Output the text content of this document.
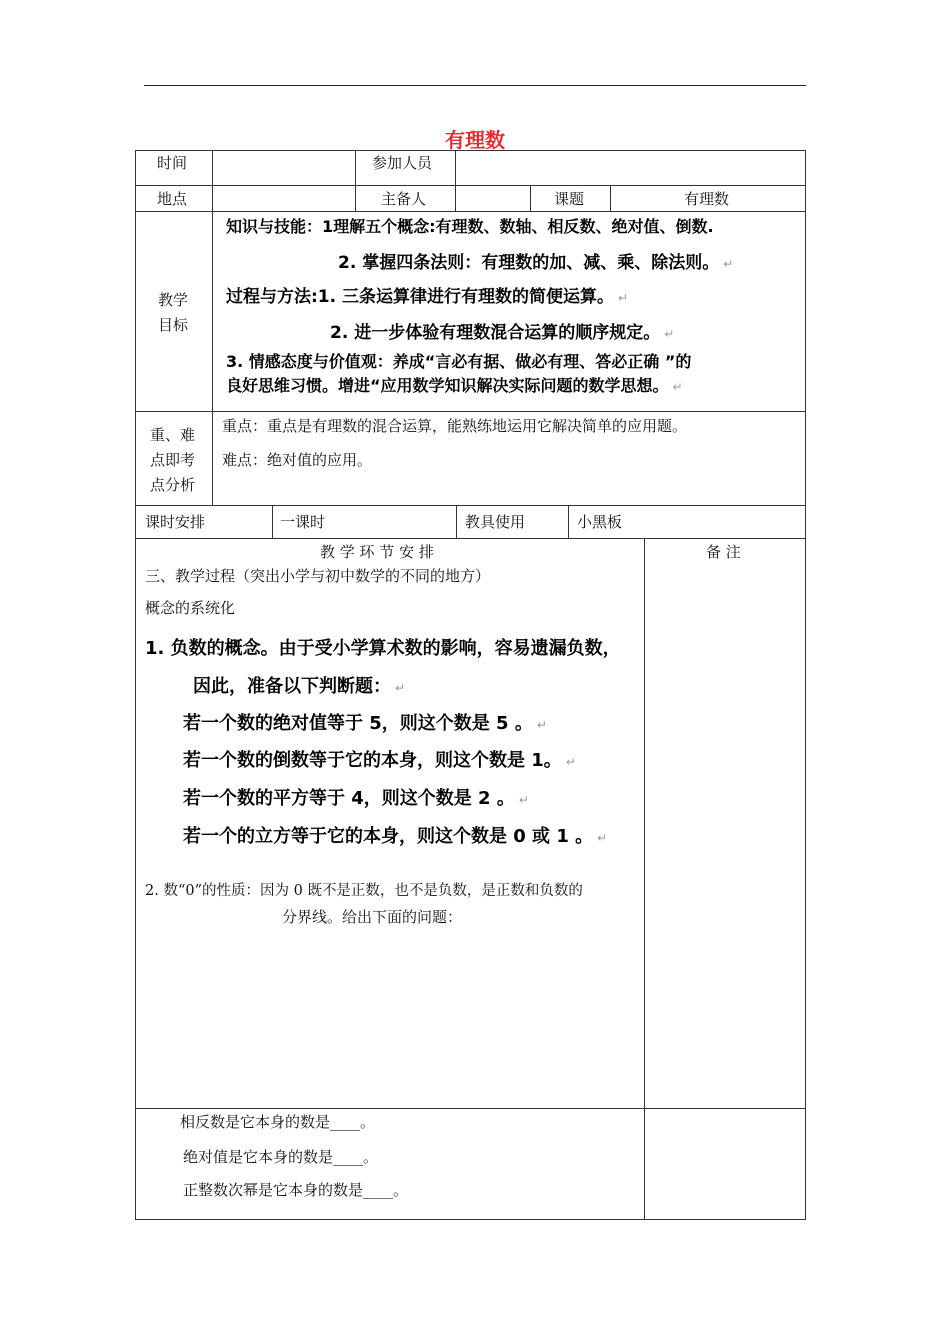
有理数
时间	参加人员
地点	主备人	课题	有理数
教学
目标
知识与技能：1理解五个概念:有理数、数轴、相反数、绝对值、倒数.
2. 掌握四条法则：有理数的加、减、乘、除法则。 ↵
过程与方法:1. 三条运算律进行有理数的简便运算。 ↵
2. 进一步体验有理数混合运算的顺序规定。 ↵
3. 情感态度与价值观：养成“言必有据、做必有理、答必正确 ”的
良好思维习惯。增进“应用数学知识解决实际问题的数学思想。 ↵
重、难
点即考
点分析
重点：重点是有理数的混合运算，能熟练地运用它解决简单的应用题。
难点：绝对值的应用。
课时安排	一课时	教具使用	小黑板
教 学 环 节 安 排	备 注
三、教学过程（突出小学与初中数学的不同的地方）
概念的系统化
1. 负数的概念。由于受小学算术数的影响，容易遗漏负数，
因此，准备以下判断题： ↵
若一个数的绝对值等于 5，则这个数是 5 。 ↵
若一个数的倒数等于它的本身，则这个数是 1。 ↵
若一个数的平方等于 4，则这个数是 2 。 ↵
若一个的立方等于它的本身，则这个数是 0 或 1 。 ↵
2. 数“0”的性质：因为 0 既不是正数，也不是负数，是正数和负数的
分界线。给出下面的问题：
相反数是它本身的数是____。
绝对值是它本身的数是____。
正整数次幂是它本身的数是____。
